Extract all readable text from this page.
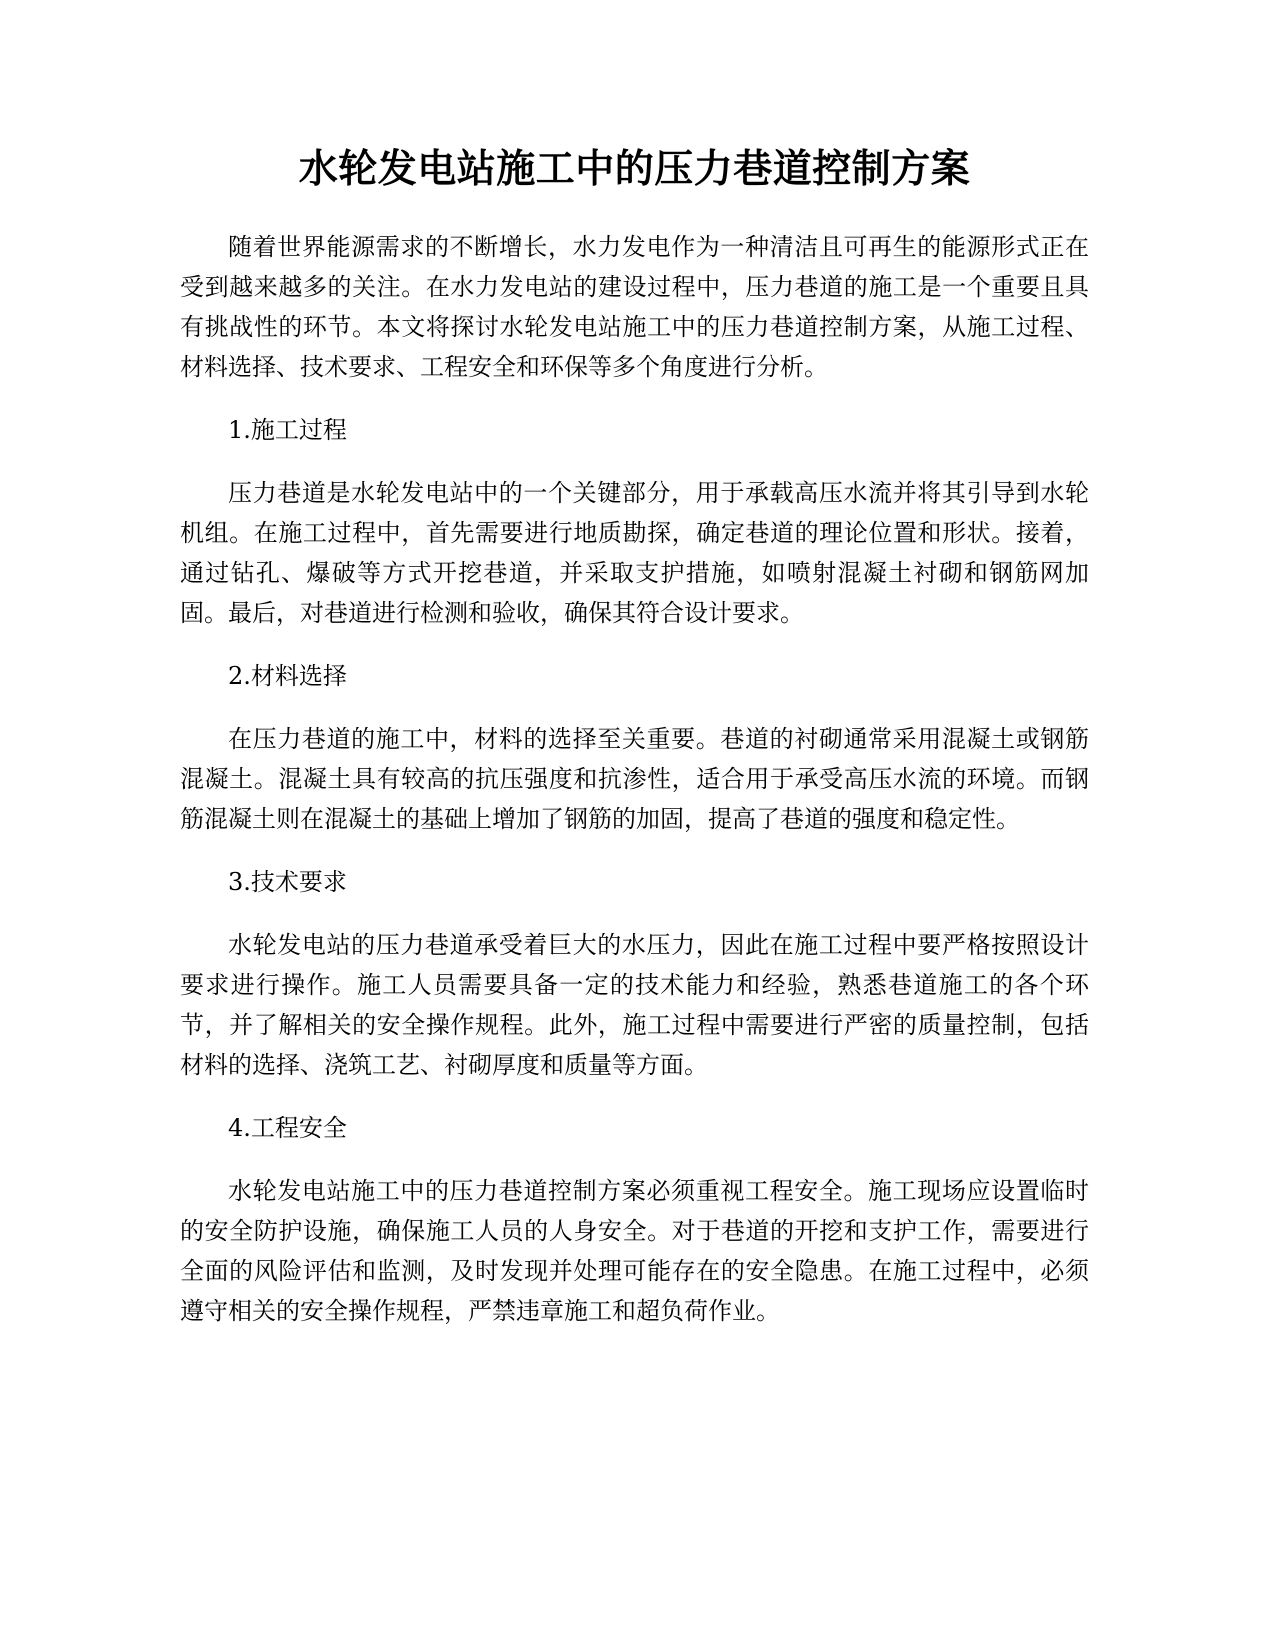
水轮发电站施工中的压力巷道控制方案

随着世界能源需求的不断增长，水力发电作为一种清洁且可再生的能源形式正在受到越来越多的关注。在水力发电站的建设过程中，压力巷道的施工是一个重要且具有挑战性的环节。本文将探讨水轮发电站施工中的压力巷道控制方案，从施工过程、材料选择、技术要求、工程安全和环保等多个角度进行分析。

1.施工过程

压力巷道是水轮发电站中的一个关键部分，用于承载高压水流并将其引导到水轮机组。在施工过程中，首先需要进行地质勘探，确定巷道的理论位置和形状。接着，通过钻孔、爆破等方式开挖巷道，并采取支护措施，如喷射混凝土衬砌和钢筋网加固。最后，对巷道进行检测和验收，确保其符合设计要求。

2.材料选择

在压力巷道的施工中，材料的选择至关重要。巷道的衬砌通常采用混凝土或钢筋混凝土。混凝土具有较高的抗压强度和抗渗性，适合用于承受高压水流的环境。而钢筋混凝土则在混凝土的基础上增加了钢筋的加固，提高了巷道的强度和稳定性。

3.技术要求

水轮发电站的压力巷道承受着巨大的水压力，因此在施工过程中要严格按照设计要求进行操作。施工人员需要具备一定的技术能力和经验，熟悉巷道施工的各个环节，并了解相关的安全操作规程。此外，施工过程中需要进行严密的质量控制，包括材料的选择、浇筑工艺、衬砌厚度和质量等方面。

4.工程安全

水轮发电站施工中的压力巷道控制方案必须重视工程安全。施工现场应设置临时的安全防护设施，确保施工人员的人身安全。对于巷道的开挖和支护工作，需要进行全面的风险评估和监测，及时发现并处理可能存在的安全隐患。在施工过程中，必须遵守相关的安全操作规程，严禁违章施工和超负荷作业。
